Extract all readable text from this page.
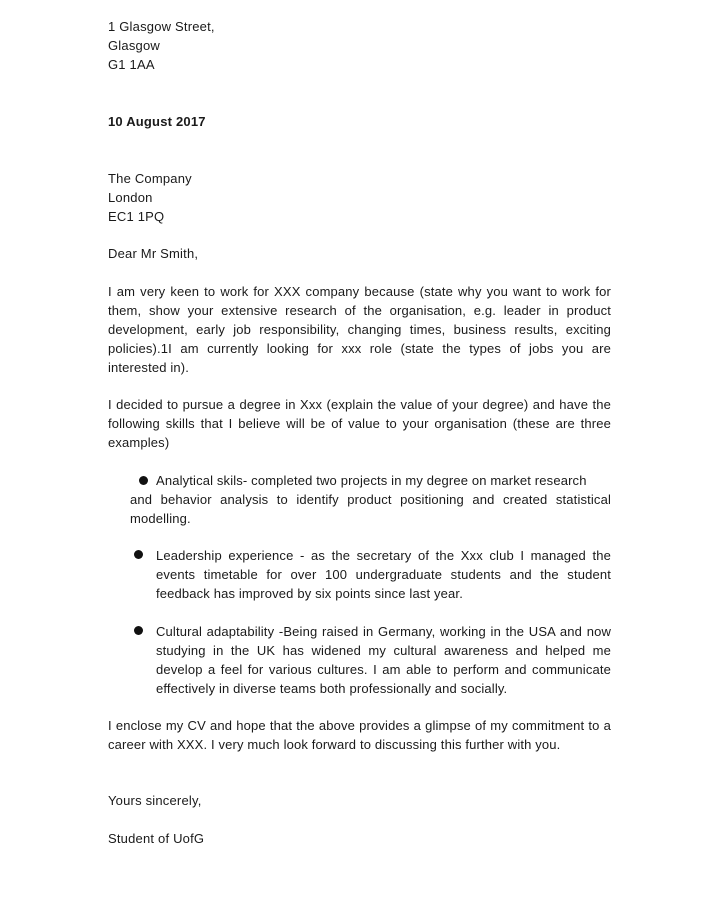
1 Glasgow Street,
Glasgow
G1 1AA
10 August 2017
The Company
London
EC1 1PQ
Dear Mr Smith,
I am very keen to work for XXX company because (state why you want to work for them, show your extensive research of the organisation, e.g. leader in product development, early job responsibility, changing times, business results, exciting policies).1I am currently looking for xxx role (state the types of jobs you are interested in).
I decided to pursue a degree in Xxx (explain the value of your degree) and have the following skills that I believe will be of value to your organisation (these are three examples)
Analytical skils- completed two projects in my degree on market research
and behavior analysis to identify product positioning and created statistical modelling.
Leadership experience - as the secretary of the Xxx club I managed the events timetable for over 100 undergraduate students and the student feedback has improved by six points since last year.
Cultural adaptability -Being raised in Germany, working in the USA and now studying in the UK has widened my cultural awareness and helped me develop a feel for various cultures. I am able to perform and communicate effectively in diverse teams both professionally and socially.
I enclose my CV and hope that the above provides a glimpse of my commitment to a career with XXX. I very much look forward to discussing this further with you.
Yours sincerely,
Student of UofG
